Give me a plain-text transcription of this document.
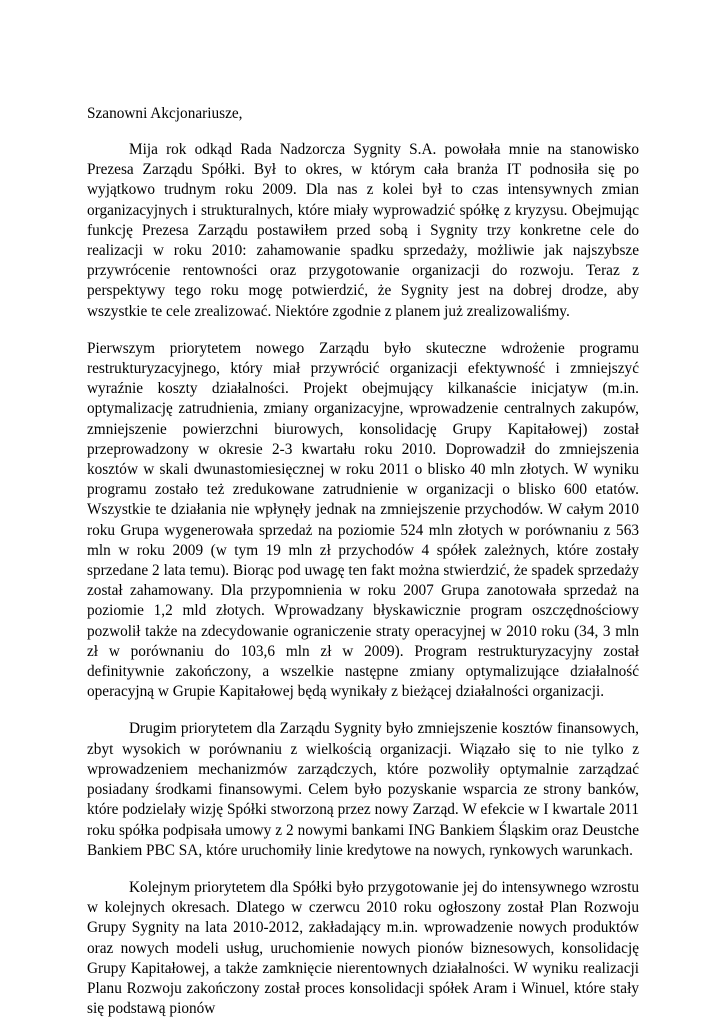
Szanowni Akcjonariusze,

Mija rok odkąd Rada Nadzorcza Sygnity S.A. powołała mnie na stanowisko Prezesa Zarządu Spółki. Był to okres, w którym cała branża IT podnosiła się po wyjątkowo trudnym roku 2009. Dla nas z kolei był to czas intensywnych zmian organizacyjnych i strukturalnych, które miały wyprowadzić spółkę z kryzysu. Obejmując funkcję Prezesa Zarządu postawiłem przed sobą i Sygnity trzy konkretne cele do realizacji w roku 2010: zahamowanie spadku sprzedaży, możliwie jak najszybsze przywrócenie rentowności oraz przygotowanie organizacji do rozwoju. Teraz z perspektywy tego roku mogę potwierdzić, że Sygnity jest na dobrej drodze, aby wszystkie te cele zrealizować. Niektóre zgodnie z planem już zrealizowaliśmy.

Pierwszym priorytetem nowego Zarządu było skuteczne wdrożenie programu restrukturyzacyjnego, który miał przywrócić organizacji efektywność i zmniejszyć wyraźnie koszty działalności. Projekt obejmujący kilkanaście inicjatyw (m.in. optymalizację zatrudnienia, zmiany organizacyjne, wprowadzenie centralnych zakupów, zmniejszenie powierzchni biurowych, konsolidację Grupy Kapitałowej) został przeprowadzony w okresie 2-3 kwartału roku 2010. Doprowadził do zmniejszenia kosztów w skali dwunastomiesięcznej w roku 2011 o blisko 40 mln złotych. W wyniku programu zostało też zredukowane zatrudnienie w organizacji o blisko 600 etatów. Wszystkie te działania nie wpłynęły jednak na zmniejszenie przychodów. W całym 2010 roku Grupa wygenerowała sprzedaż na poziomie 524 mln złotych w porównaniu z 563 mln w roku 2009 (w tym 19 mln zł przychodów 4 spółek zależnych, które zostały sprzedane 2 lata temu). Biorąc pod uwagę ten fakt można stwierdzić, że spadek sprzedaży został zahamowany. Dla przypomnienia w roku 2007 Grupa zanotowała sprzedaż na poziomie 1,2 mld złotych. Wprowadzany błyskawicznie program oszczędnościowy pozwolił także na zdecydowanie ograniczenie straty operacyjnej w 2010 roku (34, 3 mln zł w porównaniu do 103,6 mln zł w 2009). Program restrukturyzacyjny został definitywnie zakończony, a wszelkie następne zmiany optymalizujące działalność operacyjną w Grupie Kapitałowej będą wynikały z bieżącej działalności organizacji.

Drugim priorytetem dla Zarządu Sygnity było zmniejszenie kosztów finansowych, zbyt wysokich w porównaniu z wielkością organizacji. Wiązało się to nie tylko z wprowadzeniem mechanizmów zarządczych, które pozwoliły optymalnie zarządzać posiadany środkami finansowymi. Celem było pozyskanie wsparcia ze strony banków, które podzielały wizję Spółki stworzoną przez nowy Zarząd. W efekcie w I kwartale 2011 roku spółka podpisała umowy z 2 nowymi bankami ING Bankiem Śląskim oraz Deustche Bankiem PBC SA, które uruchomiły linie kredytowe na nowych, rynkowych warunkach.

Kolejnym priorytetem dla Spółki było przygotowanie jej do intensywnego wzrostu w kolejnych okresach. Dlatego w czerwcu 2010 roku ogłoszony został Plan Rozwoju Grupy Sygnity na lata 2010-2012, zakładający m.in. wprowadzenie nowych produktów oraz nowych modeli usług, uruchomienie nowych pionów biznesowych, konsolidację Grupy Kapitałowej, a także zamknięcie nierentownych działalności. W wyniku realizacji Planu Rozwoju zakończony został proces konsolidacji spółek Aram i Winuel, które stały się podstawą pionów
